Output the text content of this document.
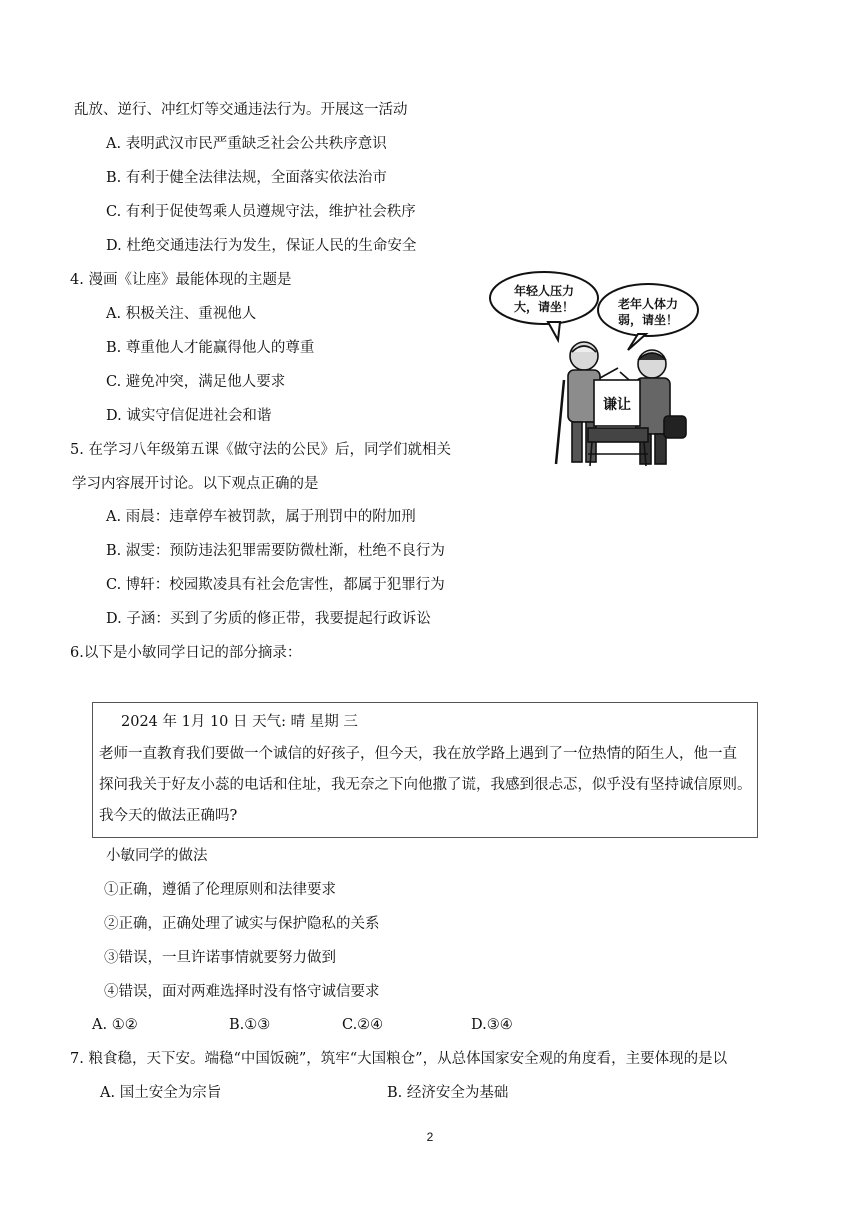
乱放、逆行、冲红灯等交通违法行为。开展这一活动
A. 表明武汉市民严重缺乏社会公共秩序意识
B. 有利于健全法律法规，全面落实依法治市
C. 有利于促使驾乘人员遵规守法，维护社会秩序
D. 杜绝交通违法行为发生，保证人民的生命安全
4. 漫画《让座》最能体现的主题是
A. 积极关注、重视他人
B. 尊重他人才能赢得他人的尊重
C. 避免冲突，满足他人要求
D. 诚实守信促进社会和谐
年轻人压力
大，请坐！	老年人体力
弱，请坐！
谦让
5. 在学习八年级第五课《做守法的公民》后，同学们就相关
学习内容展开讨论。以下观点正确的是
A. 雨晨：违章停车被罚款，属于刑罚中的附加刑
B. 淑雯：预防违法犯罪需要防微杜渐，杜绝不良行为
C. 博轩：校园欺凌具有社会危害性，都属于犯罪行为
D. 子涵：买到了劣质的修正带，我要提起行政诉讼
6.以下是小敏同学日记的部分摘录：
2024 年 1月 10 日 天气: 晴 星期 三
老师一直教育我们要做一个诚信的好孩子，但今天，我在放学路上遇到了一位热情的陌生人，他一直
探问我关于好友小蕊的电话和住址，我无奈之下向他撒了谎，我感到很忐忑，似乎没有坚持诚信原则。
我今天的做法正确吗?
小敏同学的做法
①正确，遵循了伦理原则和法律要求
②正确，正确处理了诚实与保护隐私的关系
③错误，一旦许诺事情就要努力做到
④错误，面对两难选择时没有恪守诚信要求
A. ①②	B.①③	C.②④	D.③④
7. 粮食稳，天下安。端稳“中国饭碗”，筑牢“大国粮仓”，从总体国家安全观的角度看，主要体现的是以
A. 国土安全为宗旨	B. 经济安全为基础
2
